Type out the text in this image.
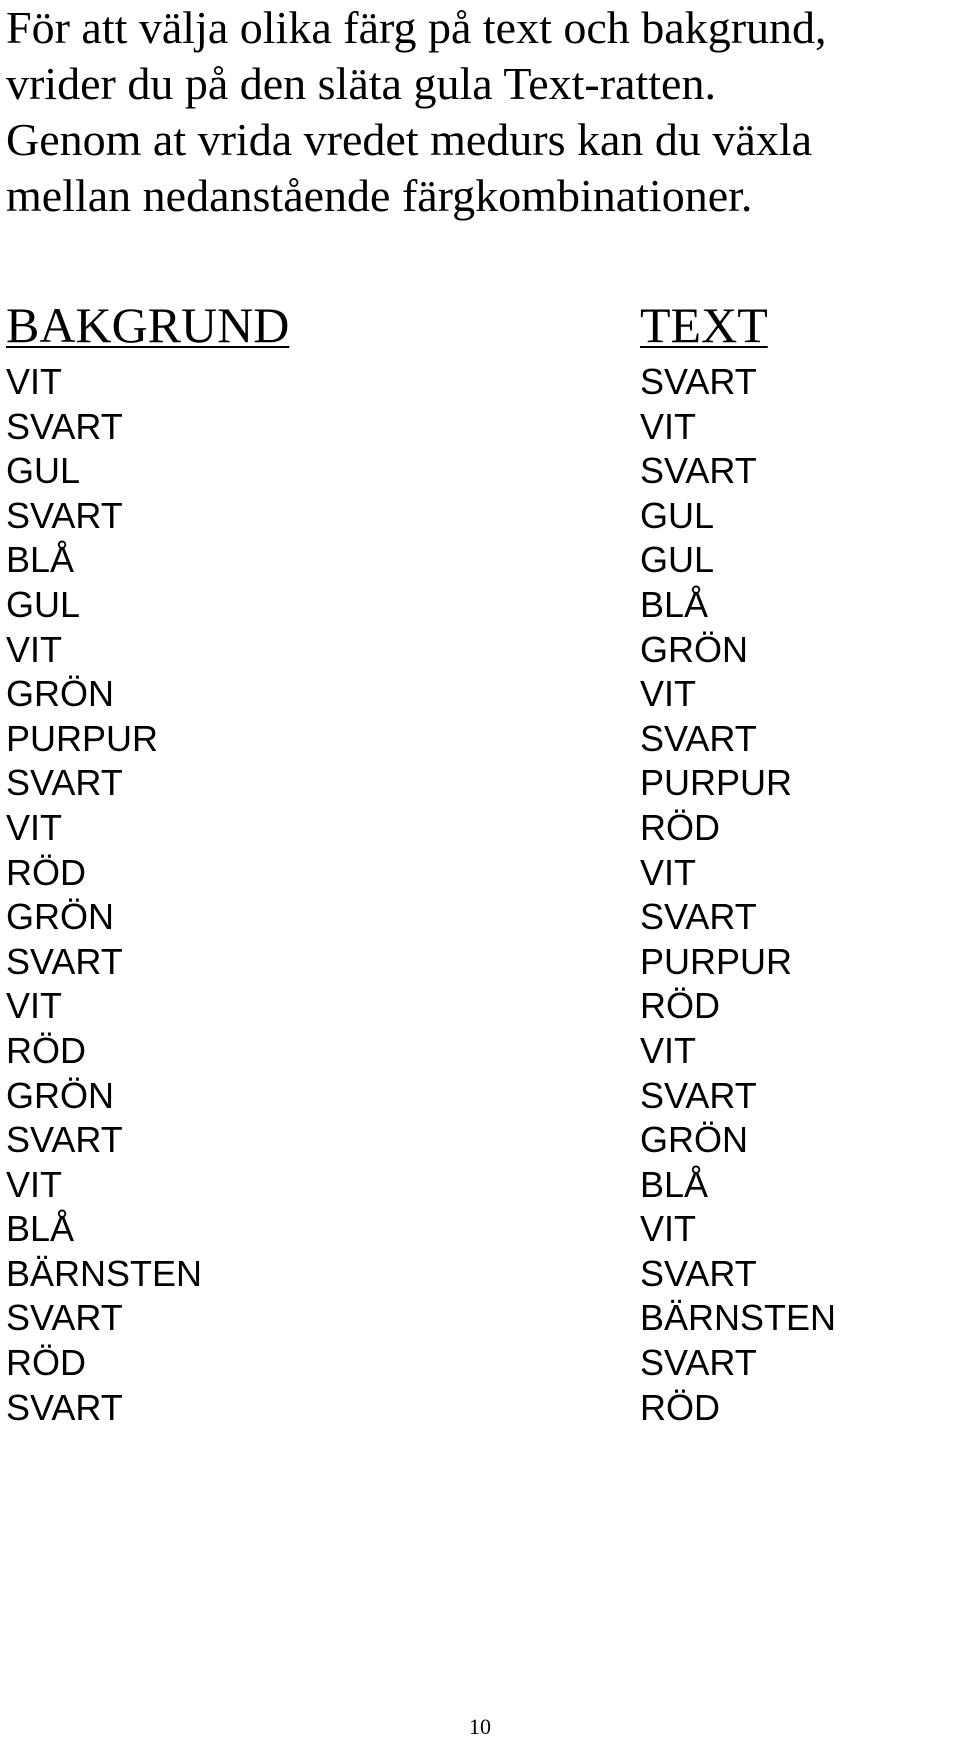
För att välja olika färg på text och bakgrund,
vrider du på den släta gula Text-ratten.
Genom at vrida vredet medurs kan du växla
mellan nedanstående färgkombinationer.
BAKGRUND
VIT
SVART
GUL
SVART
BLÅ
GUL
VIT
GRÖN
PURPUR
SVART
VIT
RÖD
GRÖN
SVART
VIT
RÖD
GRÖN
SVART
VIT
BLÅ
BÄRNSTEN
SVART
RÖD
SVART
TEXT
SVART
VIT
SVART
GUL
GUL
BLÅ
GRÖN
VIT
SVART
PURPUR
RÖD
VIT
SVART
PURPUR
RÖD
VIT
SVART
GRÖN
BLÅ
VIT
SVART
BÄRNSTEN
SVART
RÖD
10
